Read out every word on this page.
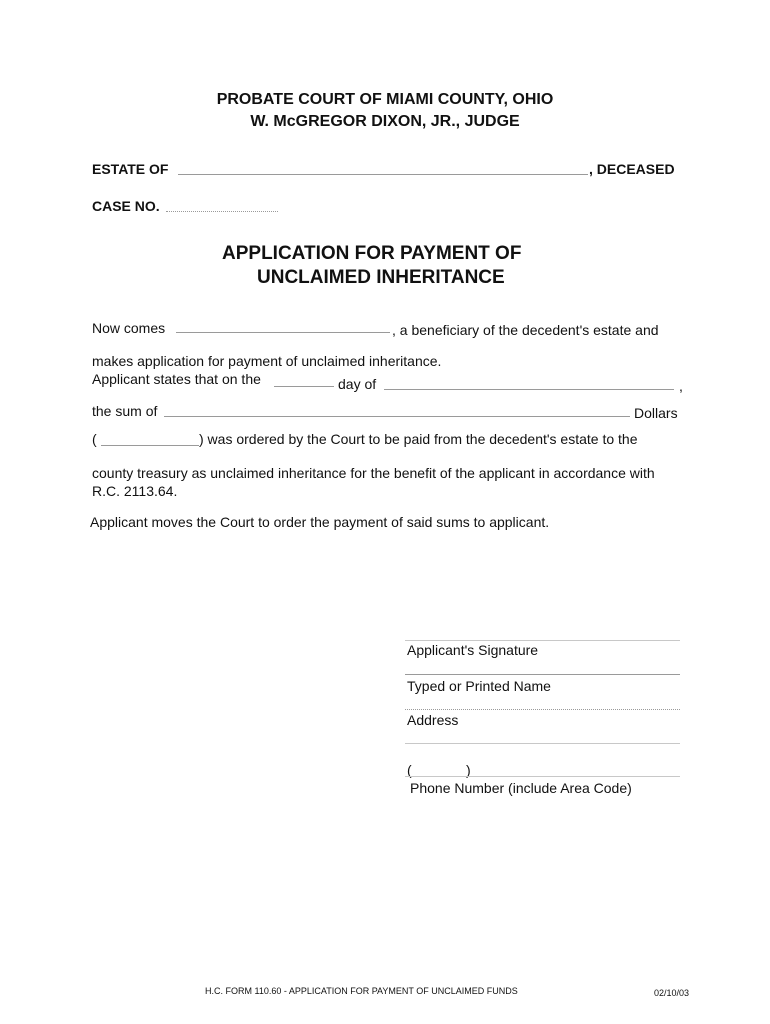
PROBATE COURT OF MIAMI COUNTY, OHIO
W. McGREGOR DIXON, JR., JUDGE
ESTATE OF	, DECEASED
CASE NO.
APPLICATION FOR PAYMENT OF
UNCLAIMED INHERITANCE
Now comes	, a beneficiary of the decedent's estate and
makes application for payment of unclaimed inheritance.
Applicant states that on the	day of	,
the sum of	Dollars
(	) was ordered by the Court to be paid from the decedent's estate to the
county treasury as unclaimed inheritance for the benefit of the applicant in accordance with
R.C. 2113.64.
Applicant moves the Court to order the payment of said sums to applicant.
Applicant's Signature
Typed or Printed Name
Address
(	)
Phone Number (include Area Code)
H.C. FORM 110.60 - APPLICATION FOR PAYMENT OF UNCLAIMED FUNDS	02/10/03
